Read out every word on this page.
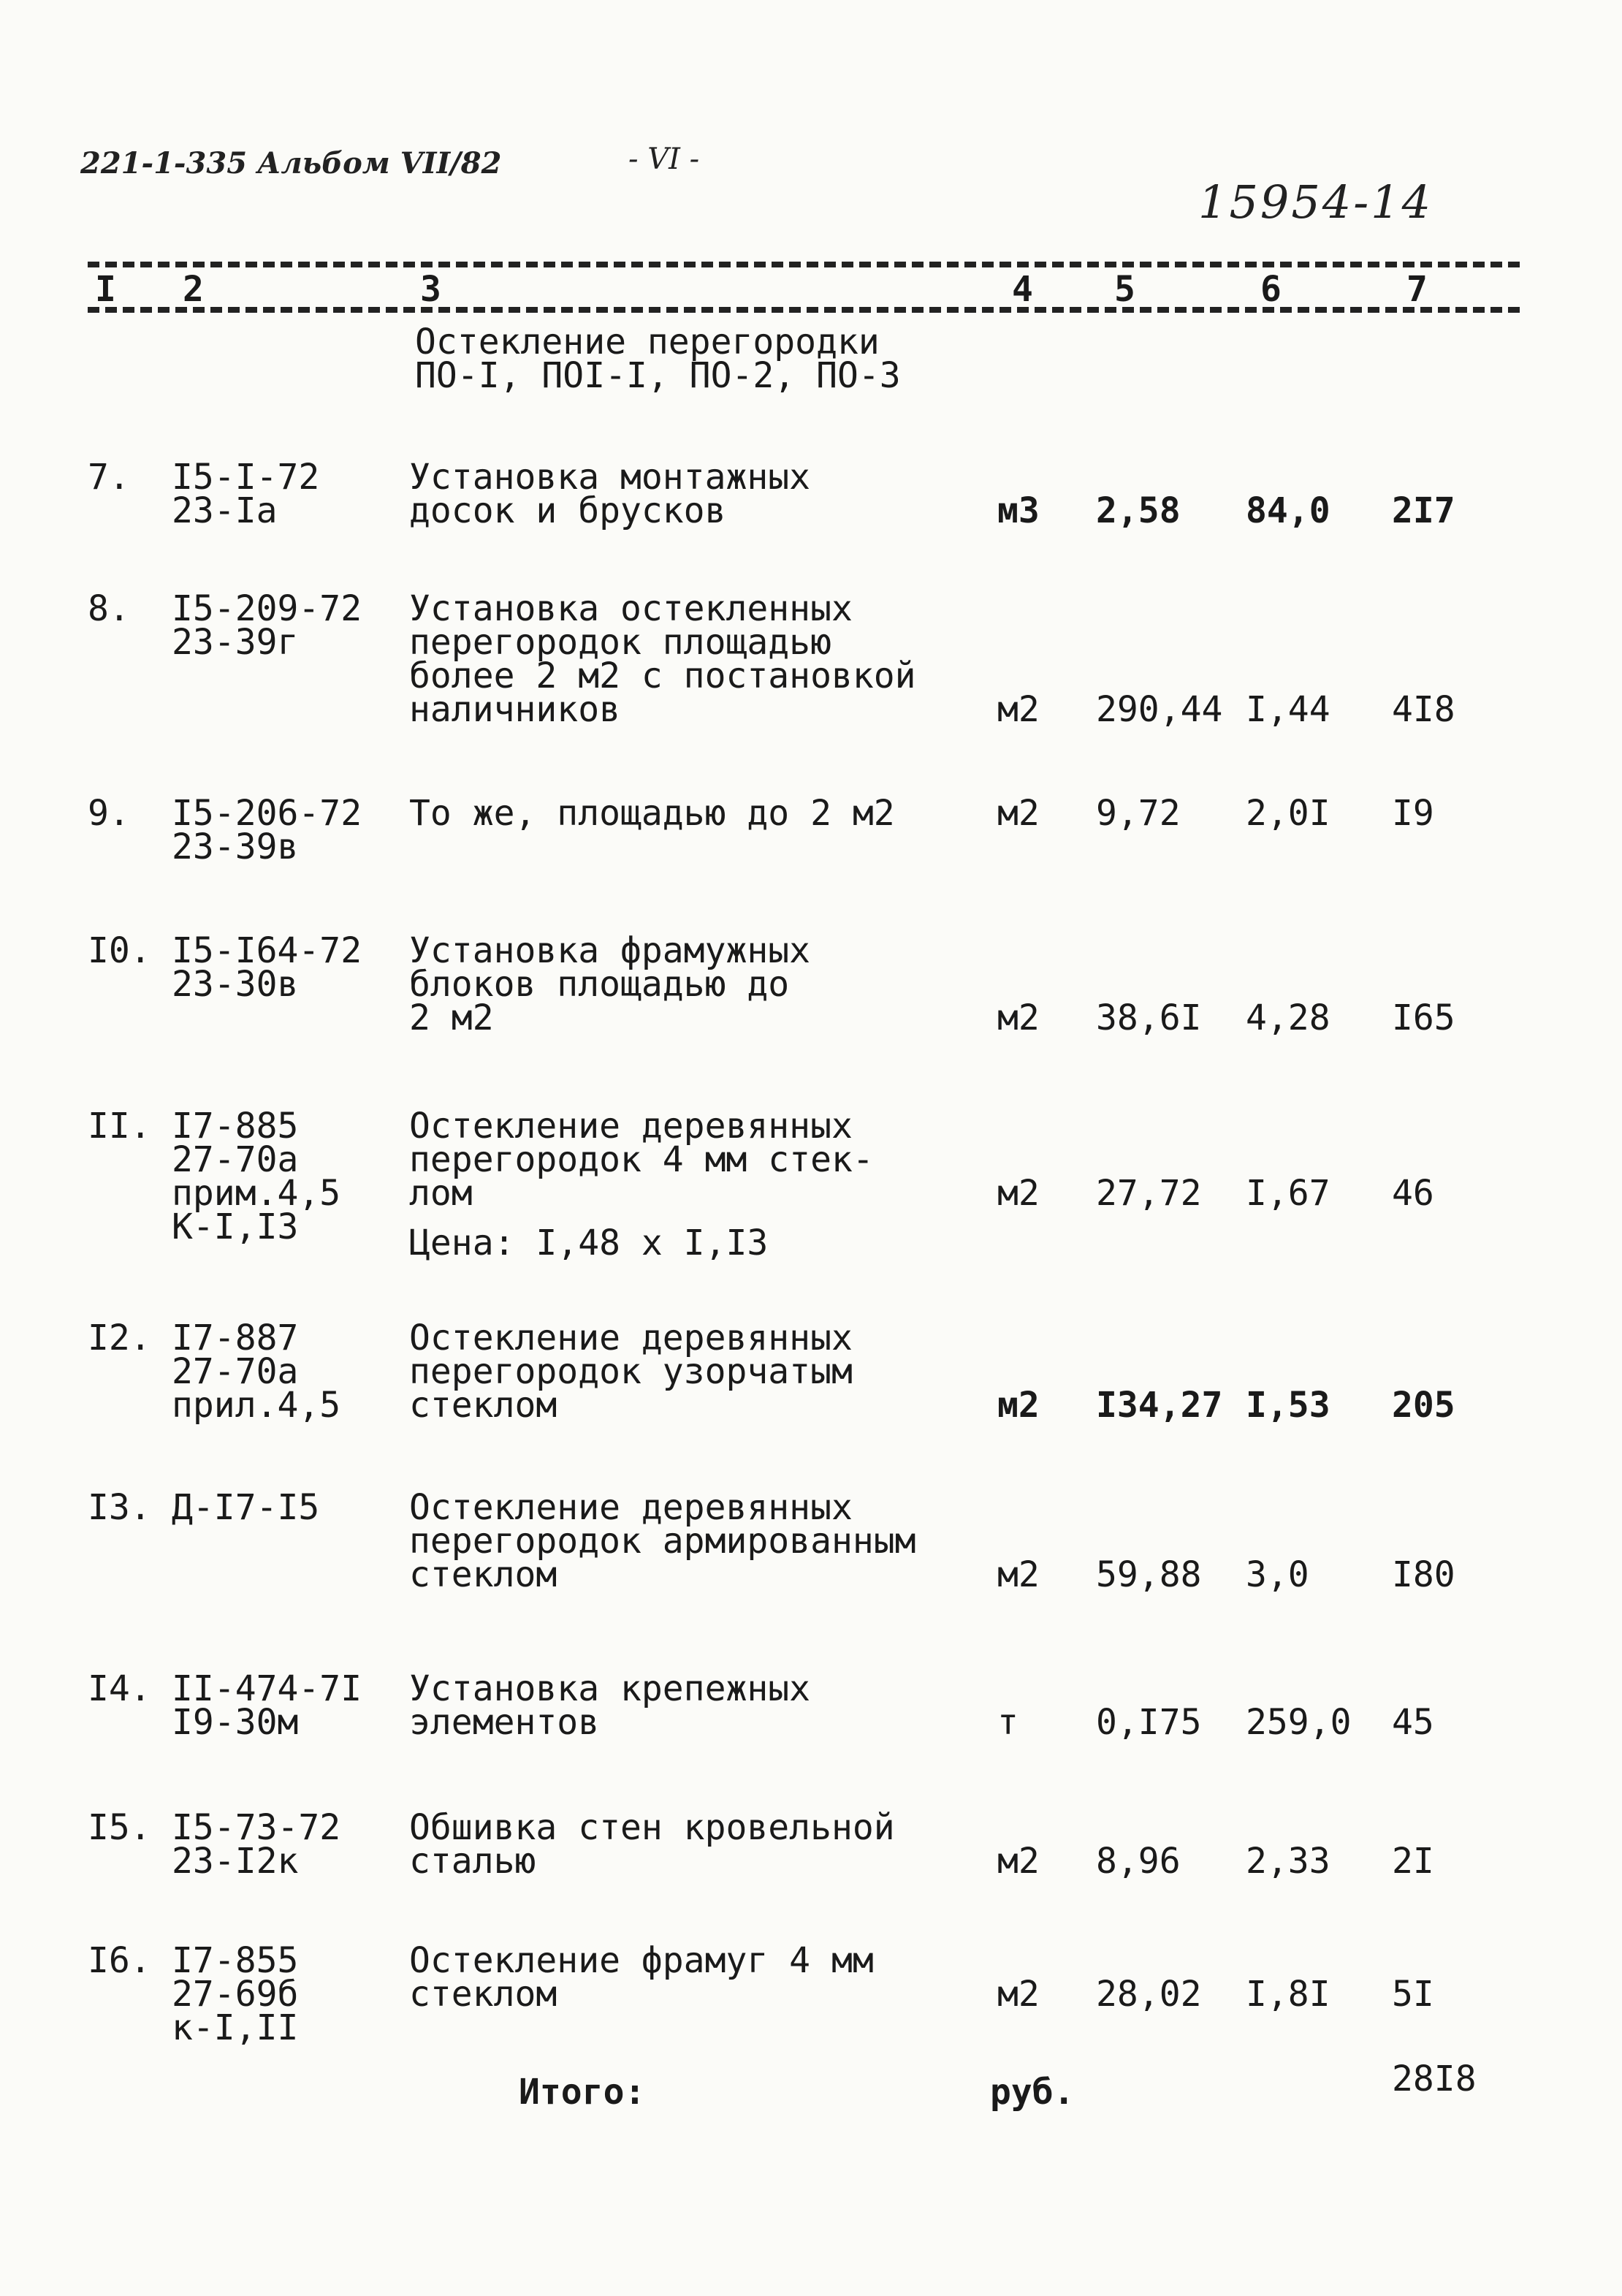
221-1-335 Альбом VII/82	- VI -
15954-14
I 2	3	4 5	6	7
Остекление перегородки
ПО-I, ПОI-I, ПО-2, ПО-3
7. I5-I-72
23-Iа
Установка монтажных
досок и брусков	м3 2,58 84,0 2I7
8. I5-209-72
23-39г
Установка остекленных
перегородок площадью
более 2 м2 с постановкой
наличников	м2 290,44 I,44 4I8
9. I5-206-72
23-39в
То же, площадью до 2 м2	м2 9,72 2,0I I9
I0. I5-I64-72
23-30в
Установка фрамужных
блоков площадью до
2 м2	м2 38,6I 4,28 I65
II. I7-885
27-70а
прим.4,5
К-I,I3
Остекление деревянных
перегородок 4 мм стек-
лом	м2 27,72 I,67 46
Цена: I,48 х I,I3
I2. I7-887
27-70а
прил.4,5
Остекление деревянных
перегородок узорчатым
стеклом	м2 I34,27 I,53 205
I3. Д-I7-I5	Остекление деревянных
перегородок армированным
стеклом	м2 59,88 3,0 I80
I4. II-474-7I
I9-30м
Установка крепежных
элементов	т 0,I75 259,0 45
I5. I5-73-72
23-I2к
Обшивка стен кровельной
сталью	м2 8,96 2,33 2I
I6. I7-855
27-69б
к-I,II
Остекление фрамуг 4 мм
стеклом	м2 28,02 I,8I 5I
Итого:	руб.	28I8
